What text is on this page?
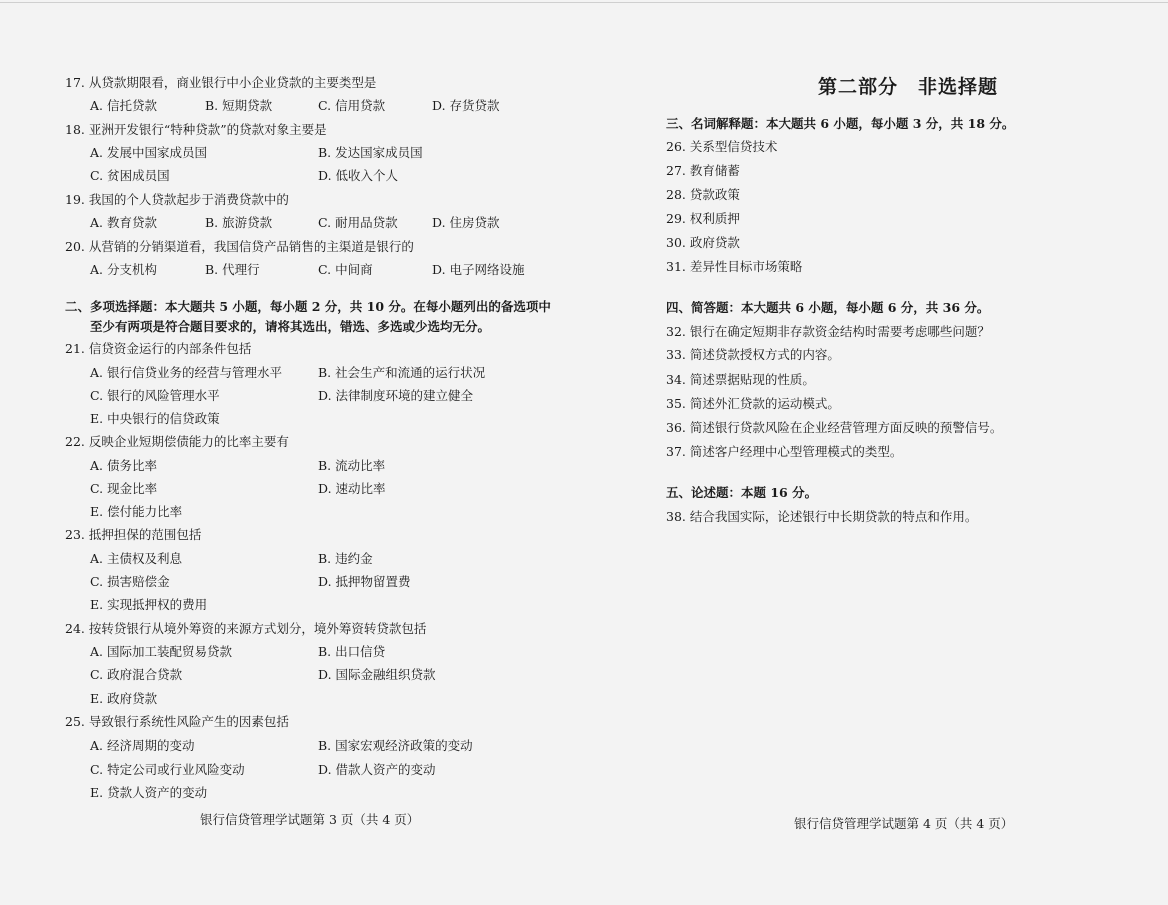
17. 从贷款期限看，商业银行中小企业贷款的主要类型是
A. 信托贷款	B. 短期贷款	C. 信用贷款	D. 存货贷款
18. 亚洲开发银行“特种贷款”的贷款对象主要是
A. 发展中国家成员国	B. 发达国家成员国
C. 贫困成员国	D. 低收入个人
19. 我国的个人贷款起步于消费贷款中的
A. 教育贷款	B. 旅游贷款	C. 耐用品贷款	D. 住房贷款
20. 从营销的分销渠道看，我国信贷产品销售的主渠道是银行的
A. 分支机构	B. 代理行	C. 中间商	D. 电子网络设施
二、多项选择题：本大题共 5 小题，每小题 2 分，共 10 分。在每小题列出的备选项中
至少有两项是符合题目要求的，请将其选出，错选、多选或少选均无分。
21. 信贷资金运行的内部条件包括
A. 银行信贷业务的经营与管理水平	B. 社会生产和流通的运行状况
C. 银行的风险管理水平	D. 法律制度环境的建立健全
E. 中央银行的信贷政策
22. 反映企业短期偿债能力的比率主要有
A. 债务比率	B. 流动比率
C. 现金比率	D. 速动比率
E. 偿付能力比率
23. 抵押担保的范围包括
A. 主债权及利息	B. 违约金
C. 损害赔偿金	D. 抵押物留置费
E. 实现抵押权的费用
24. 按转贷银行从境外筹资的来源方式划分，境外筹资转贷款包括
A. 国际加工装配贸易贷款	B. 出口信贷
C. 政府混合贷款	D. 国际金融组织贷款
E. 政府贷款
25. 导致银行系统性风险产生的因素包括
A. 经济周期的变动	B. 国家宏观经济政策的变动
C. 特定公司或行业风险变动	D. 借款人资产的变动
E. 贷款人资产的变动
银行信贷管理学试题第 3 页（共 4 页）
第二部分　非选择题
三、名词解释题：本大题共 6 小题，每小题 3 分，共 18 分。
26. 关系型信贷技术
27. 教育储蓄
28. 贷款政策
29. 权利质押
30. 政府贷款
31. 差异性目标市场策略
四、简答题：本大题共 6 小题，每小题 6 分，共 36 分。
32. 银行在确定短期非存款资金结构时需要考虑哪些问题？
33. 简述贷款授权方式的内容。
34. 简述票据贴现的性质。
35. 简述外汇贷款的运动模式。
36. 简述银行贷款风险在企业经营管理方面反映的预警信号。
37. 简述客户经理中心型管理模式的类型。
五、论述题：本题 16 分。
38. 结合我国实际，论述银行中长期贷款的特点和作用。
银行信贷管理学试题第 4 页（共 4 页）
